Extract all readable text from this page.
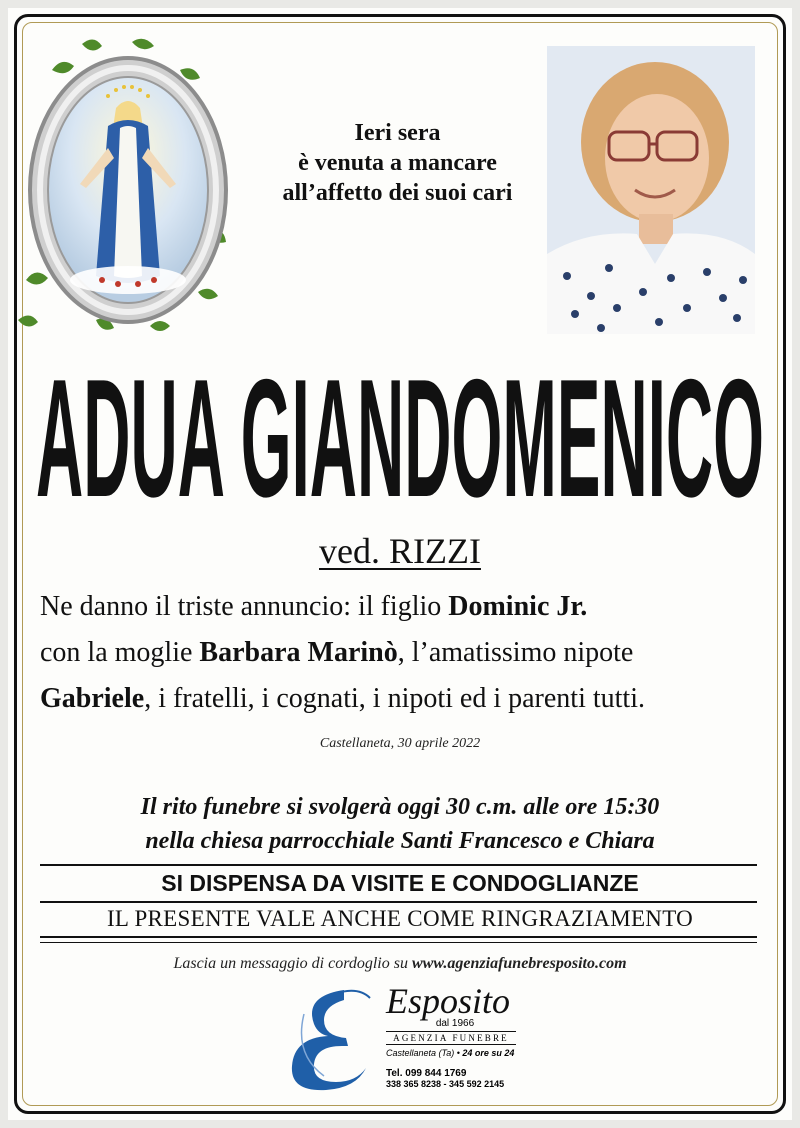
Ieri sera
è venuta a mancare
all’affetto dei suoi cari
ADUA GIANDOMENICO
ved. RIZZI
Ne danno il triste annuncio: il figlio Dominic Jr.
con la moglie Barbara Marinò, l’amatissimo nipote
Gabriele, i fratelli, i cognati, i nipoti ed i parenti tutti.
Castellaneta, 30 aprile 2022
Il rito funebre si svolgerà oggi 30 c.m. alle ore 15:30
nella chiesa parrocchiale Santi Francesco e Chiara
SI DISPENSA DA VISITE E CONDOGLIANZE
IL PRESENTE VALE ANCHE COME RINGRAZIAMENTO
Lascia un messaggio di cordoglio su www.agenziafunebresposito.com
Esposito
dal 1966
AGENZIA FUNEBRE
Castellaneta (Ta) • 24 ore su 24
Tel. 099 844 1769
338 365 8238 - 345 592 2145
